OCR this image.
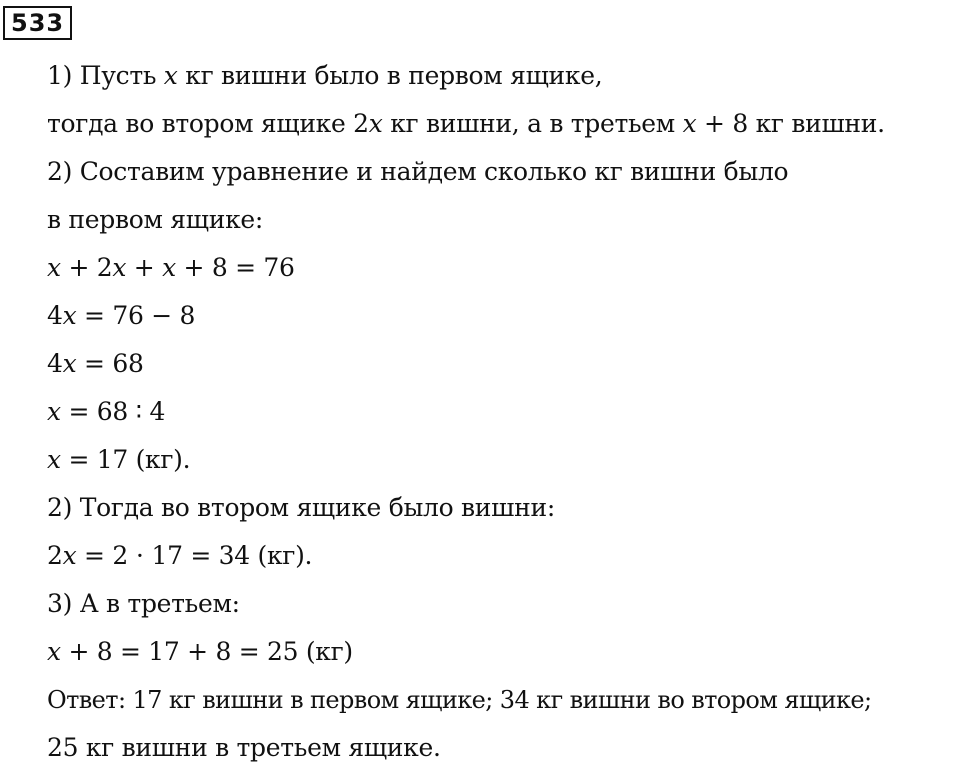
533
1) Пусть 𝑥 кг вишни было в первом ящике,
тогда во втором ящике 2𝑥 кг вишни, а в третьем 𝑥 + 8 кг вишни.
2) Составим уравнение и найдем сколько кг вишни было
в первом ящике:
𝑥 + 2𝑥 + 𝑥 + 8 = 76
4𝑥 = 76 − 8
4𝑥 = 68
𝑥 = 68 ∶ 4
𝑥 = 17 (кг).
2) Тогда во втором ящике было вишни:
2𝑥 = 2 ⋅ 17 = 34 (кг).
3) А в третьем:
𝑥 + 8 = 17 + 8 = 25 (кг)
Ответ: 17 кг вишни в первом ящике; 34 кг вишни во втором ящике;
25 кг вишни в третьем ящике.
